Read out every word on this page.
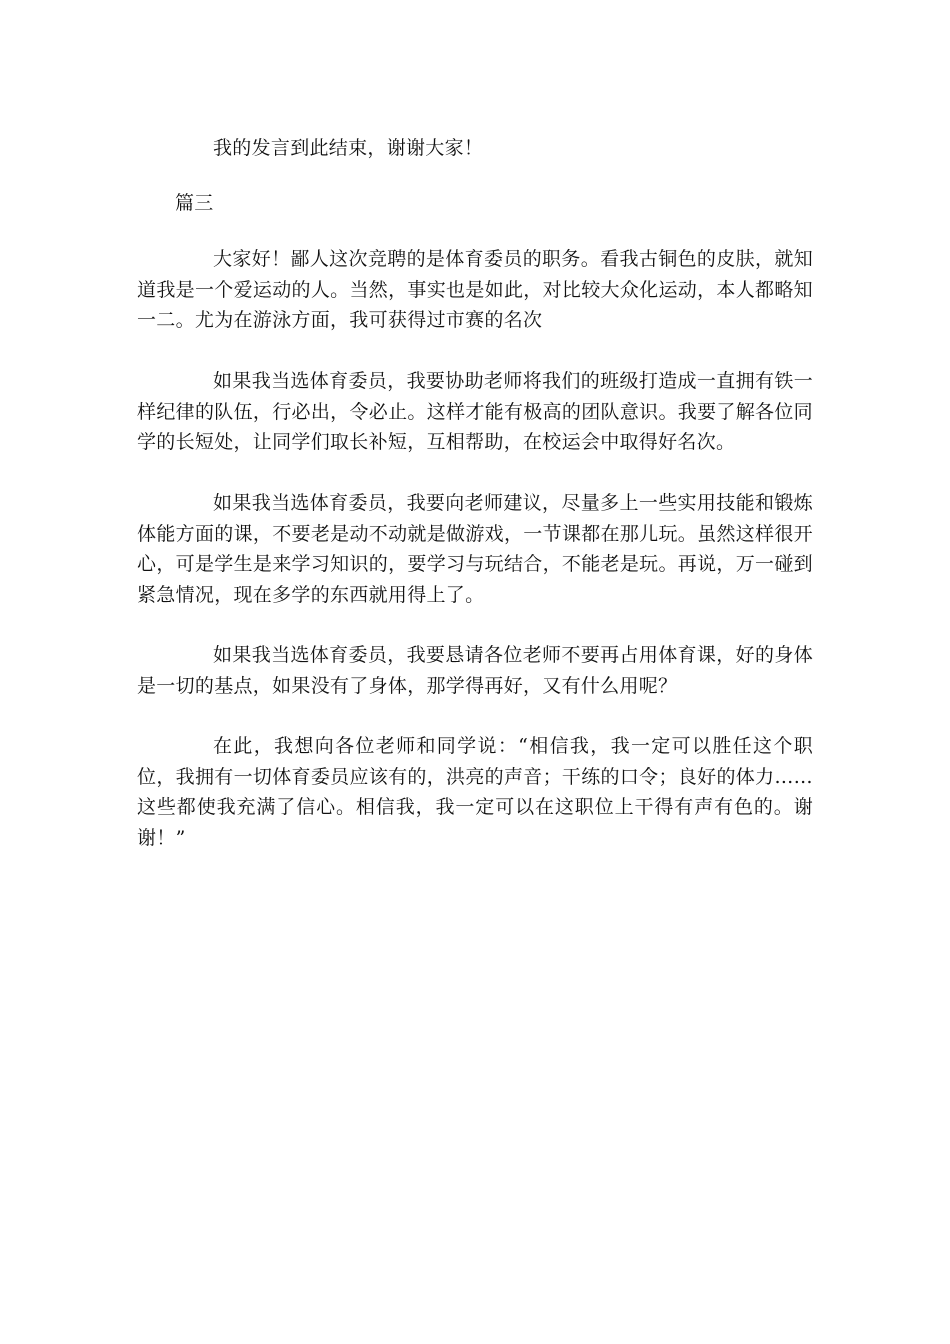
我的发言到此结束，谢谢大家！
篇三
大家好！鄙人这次竞聘的是体育委员的职务。看我古铜色的皮肤，就知道我是一个爱运动的人。当然，事实也是如此，对比较大众化运动，本人都略知一二。尤为在游泳方面，我可获得过市赛的名次
如果我当选体育委员，我要协助老师将我们的班级打造成一直拥有铁一样纪律的队伍，行必出，令必止。这样才能有极高的团队意识。我要了解各位同学的长短处，让同学们取长补短，互相帮助，在校运会中取得好名次。
如果我当选体育委员，我要向老师建议，尽量多上一些实用技能和锻炼体能方面的课，不要老是动不动就是做游戏，一节课都在那儿玩。虽然这样很开心，可是学生是来学习知识的，要学习与玩结合，不能老是玩。再说，万一碰到紧急情况，现在多学的东西就用得上了。
如果我当选体育委员，我要恳请各位老师不要再占用体育课，好的身体是一切的基点，如果没有了身体，那学得再好，又有什么用呢？
在此，我想向各位老师和同学说：“相信我，我一定可以胜任这个职位，我拥有一切体育委员应该有的，洪亮的声音；干练的口令；良好的体力……这些都使我充满了信心。相信我，我一定可以在这职位上干得有声有色的。谢谢！”
